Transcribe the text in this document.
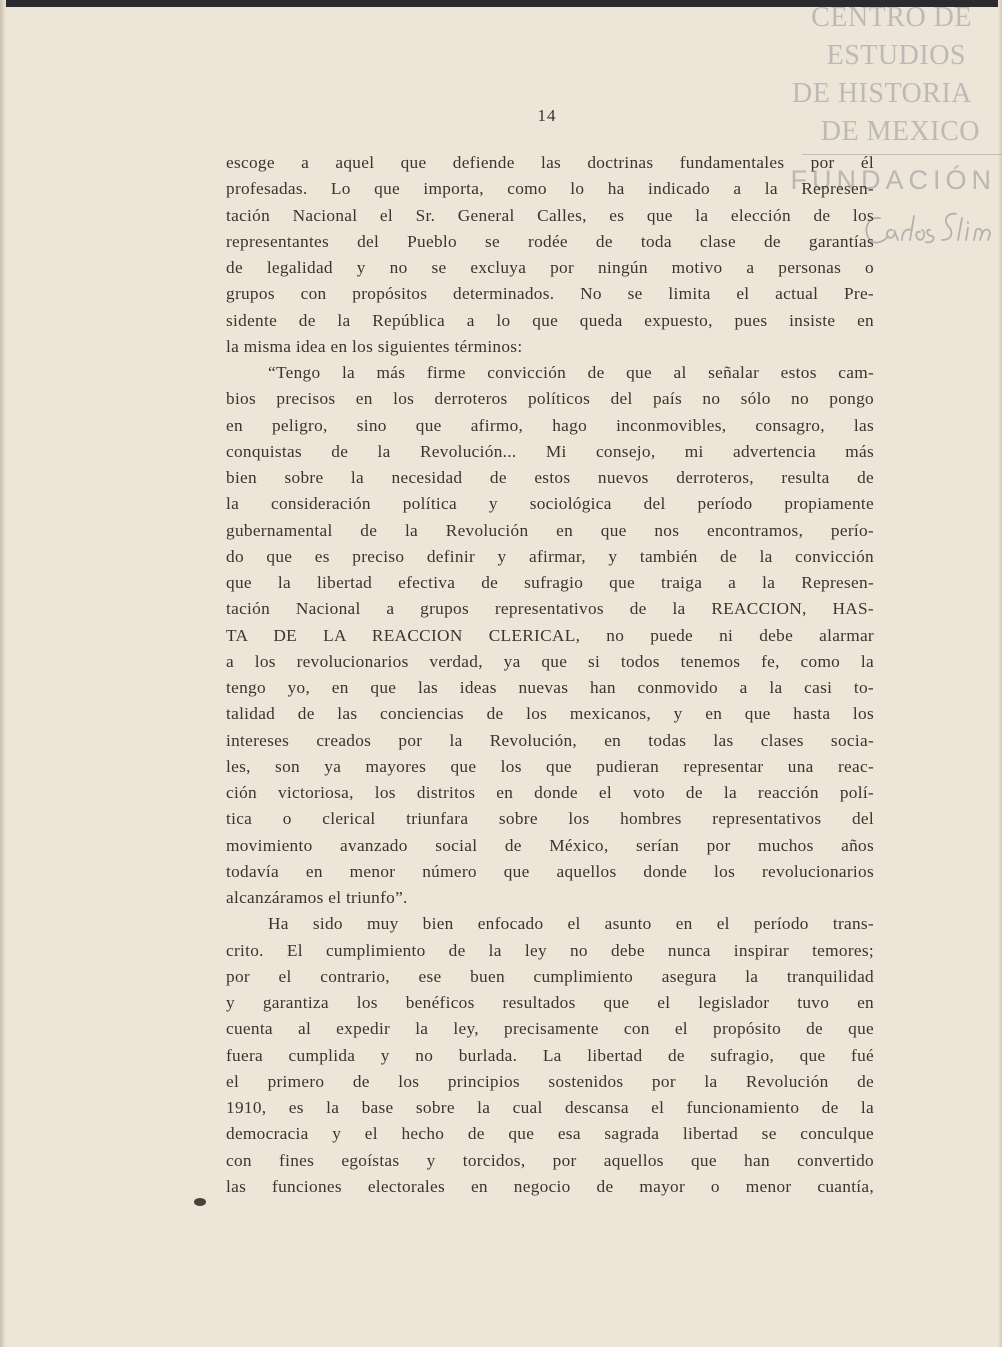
CENTRO DE
ESTUDIOS
DE HISTORIA
DE MEXICO
FUNDACIÓN
14
escoge a aquel que defiende las doctrinas fundamentales por él
profesadas. Lo que importa, como lo ha indicado a la Represen-
tación Nacional el Sr. General Calles, es que la elección de los
representantes del Pueblo se rodée de toda clase de garantías
de legalidad y no se excluya por ningún motivo a personas o
grupos con propósitos determinados. No se limita el actual Pre-
sidente de la República a lo que queda expuesto, pues insiste en
la misma idea en los siguientes términos:
“Tengo la más firme convicción de que al señalar estos cam-
bios precisos en los derroteros políticos del país no sólo no pongo
en peligro, sino que afirmo, hago inconmovibles, consagro, las
conquistas de la Revolución... Mi consejo, mi advertencia más
bien sobre la necesidad de estos nuevos derroteros, resulta de
la consideración política y sociológica del período propiamente
gubernamental de la Revolución en que nos encontramos, perío-
do que es preciso definir y afirmar, y también de la convicción
que la libertad efectiva de sufragio que traiga a la Represen-
tación Nacional a grupos representativos de la REACCION, HAS-
TA DE LA REACCION CLERICAL, no puede ni debe alarmar
a los revolucionarios verdad, ya que si todos tenemos fe, como la
tengo yo, en que las ideas nuevas han conmovido a la casi to-
talidad de las conciencias de los mexicanos, y en que hasta los
intereses creados por la Revolución, en todas las clases socia-
les, son ya mayores que los que pudieran representar una reac-
ción victoriosa, los distritos en donde el voto de la reacción polí-
tica o clerical triunfara sobre los hombres representativos del
movimiento avanzado social de México, serían por muchos años
todavía en menor número que aquellos donde los revolucionarios
alcanzáramos el triunfo”.
Ha sido muy bien enfocado el asunto en el período trans-
crito. El cumplimiento de la ley no debe nunca inspirar temores;
por el contrario, ese buen cumplimiento asegura la tranquilidad
y garantiza los benéficos resultados que el legislador tuvo en
cuenta al expedir la ley, precisamente con el propósito de que
fuera cumplida y no burlada. La libertad de sufragio, que fué
el primero de los principios sostenidos por la Revolución de
1910, es la base sobre la cual descansa el funcionamiento de la
democracia y el hecho de que esa sagrada libertad se conculque
con fines egoístas y torcidos, por aquellos que han convertido
las funciones electorales en negocio de mayor o menor cuantía,
